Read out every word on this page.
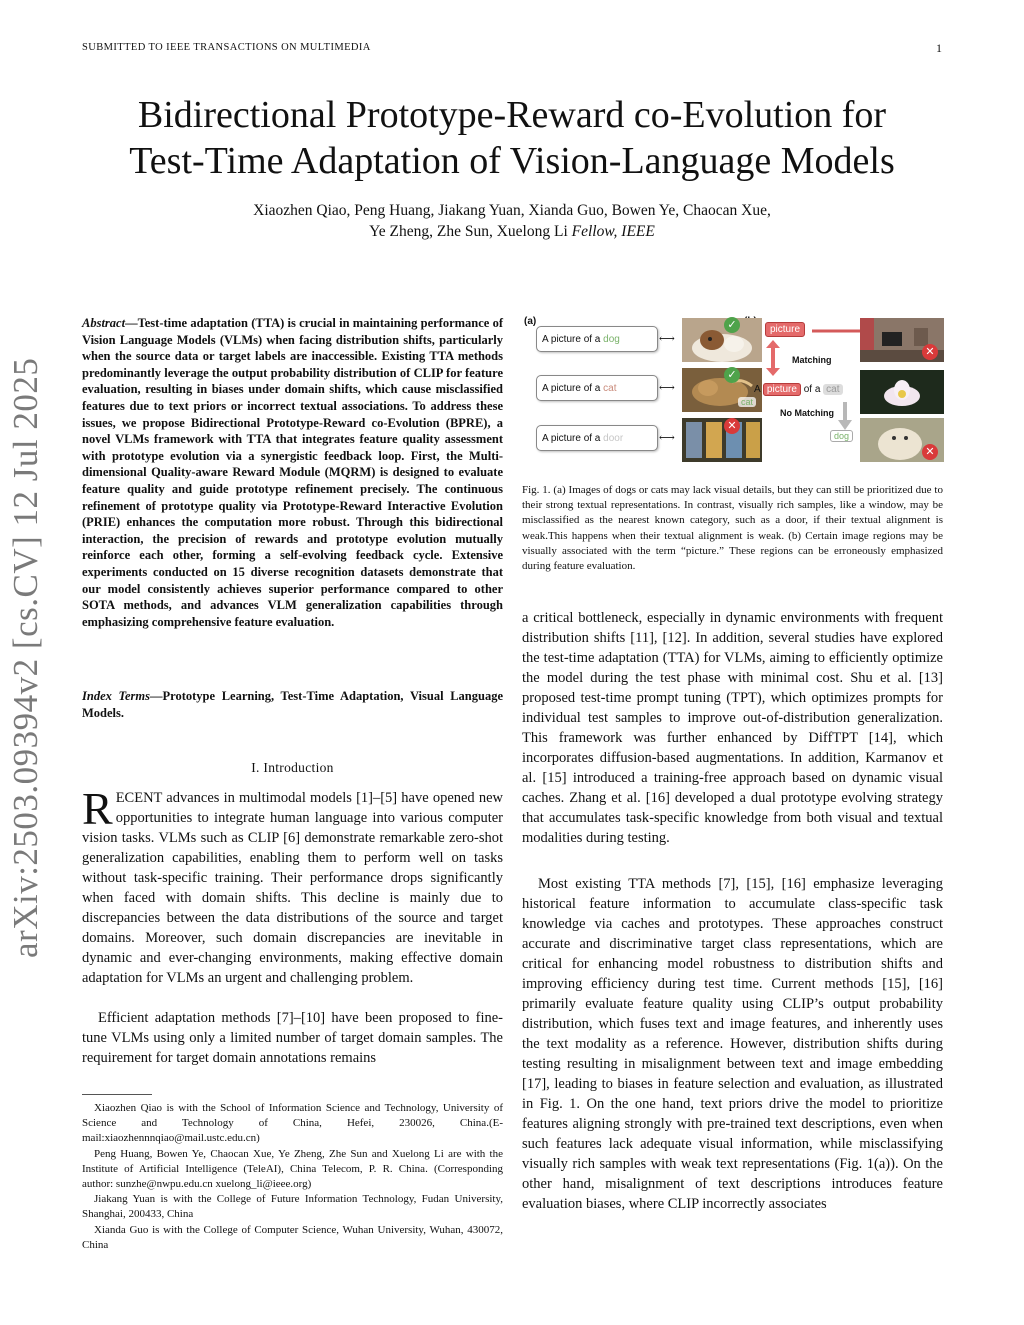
SUBMITTED TO IEEE TRANSACTIONS ON MULTIMEDIA	1
arXiv:2503.09394v2 [cs.CV] 12 Jul 2025
Bidirectional Prototype-Reward co-Evolution for
Test-Time Adaptation of Vision-Language Models
Xiaozhen Qiao, Peng Huang, Jiakang Yuan, Xianda Guo, Bowen Ye, Chaocan Xue,
Ye Zheng, Zhe Sun, Xuelong Li Fellow, IEEE
Abstract—Test-time adaptation (TTA) is crucial in maintaining performance of Vision Language Models (VLMs) when facing distribution shifts, particularly when the source data or target labels are inaccessible. Existing TTA methods predominantly leverage the output probability distribution of CLIP for feature evaluation, resulting in biases under domain shifts, which cause misclassified features due to text priors or incorrect textual associations. To address these issues, we propose Bidirectional Prototype-Reward co-Evolution (BPRE), a novel VLMs framework with TTA that integrates feature quality assessment with prototype evolution via a synergistic feedback loop. First, the Multi-dimensional Quality-aware Reward Module (MQRM) is designed to evaluate feature quality and guide prototype refinement precisely. The continuous refinement of prototype quality via Prototype-Reward Interactive Evolution (PRIE) enhances the computation more robust. Through this bidirectional interaction, the precision of rewards and prototype evolution mutually reinforce each other, forming a self-evolving feedback cycle. Extensive experiments conducted on 15 diverse recognition datasets demonstrate that our model consistently achieves superior performance compared to other SOTA methods, and advances VLM generalization capabilities through emphasizing comprehensive feature evaluation.
Index Terms—Prototype Learning, Test-Time Adaptation, Visual Language Models.
I. Introduction

RECENT advances in multimodal models [1]–[5] have opened new opportunities to integrate human language into various computer vision tasks. VLMs such as CLIP [6] demonstrate remarkable zero-shot generalization capabilities, enabling them to perform well on tasks without task-specific training. Their performance drops significantly when faced with domain shifts. This decline is mainly due to discrepancies between the data distributions of the source and target domains. Moreover, such domain discrepancies are inevitable in dynamic and ever-changing environments, making effective domain adaptation for VLMs an urgent and challenging problem.

Efficient adaptation methods [7]–[10] have been proposed to fine-tune VLMs using only a limited number of target domain samples. The requirement for target domain annotations remains

Xiaozhen Qiao is with the School of Information Science and Technology, University of Science and Technology of China, Hefei, 230026, China.(E-mail:xiaozhennnqiao@mail.ustc.edu.cn)

Peng Huang, Bowen Ye, Chaocan Xue, Ye Zheng, Zhe Sun and Xuelong Li are with the Institute of Artificial Intelligence (TeleAI), China Telecom, P. R. China. (Corresponding author: sunzhe@nwpu.edu.cn xuelong_li@ieee.org)

Jiakang Yuan is with the College of Future Information Technology, Fudan University, Shanghai, 200433, China

Xianda Guo is with the College of Computer Science, Wuhan University, Wuhan, 430072, China

(a)
A picture of a dog	⟷
✓
A picture of a cat	⟷
cat
✓
A picture of a door	⟷
✕
picture
Matching
A picture of a cat
No Matching
dog
✕
✕
Fig. 1. (a) Images of dogs or cats may lack visual details, but they can still be prioritized due to their strong textual representations. In contrast, visually rich samples, like a window, may be misclassified as the nearest known category, such as a door, if their textual alignment is weak.This happens when their textual alignment is weak. (b) Certain image regions may be visually associated with the term “picture.” These regions can be erroneously emphasized during feature evaluation.

a critical bottleneck, especially in dynamic environments with frequent distribution shifts [11], [12]. In addition, several studies have explored the test-time adaptation (TTA) for VLMs, aiming to efficiently optimize the model during the test phase with minimal cost. Shu et al. [13] proposed test-time prompt tuning (TPT), which optimizes prompts for individual test samples to improve out-of-distribution generalization. This framework was further enhanced by DiffTPT [14], which incorporates diffusion-based augmentations. In addition, Karmanov et al. [15] introduced a training-free approach based on dynamic visual caches. Zhang et al. [16] developed a dual prototype evolving strategy that accumulates task-specific knowledge from both visual and textual modalities during testing.

Most existing TTA methods [7], [15], [16] emphasize leveraging historical feature information to accumulate class-specific task knowledge via caches and prototypes. These approaches construct accurate and discriminative target class representations, which are critical for enhancing model robustness to distribution shifts and improving efficiency during test time. Current methods [15], [16] primarily evaluate feature quality using CLIP’s output probability distribution, which fuses text and image features, and inherently uses the text modality as a reference. However, distribution shifts during testing resulting in misalignment between text and image embedding [17], leading to biases in feature selection and evaluation, as illustrated in Fig. 1. On the one hand, text priors drive the model to prioritize features aligning strongly with pre-trained text descriptions, even when such features lack adequate visual information, while misclassifying visually rich samples with weak text representations (Fig. 1(a)). On the other hand, misalignment of text descriptions introduces feature evaluation biases, where CLIP incorrectly associates
